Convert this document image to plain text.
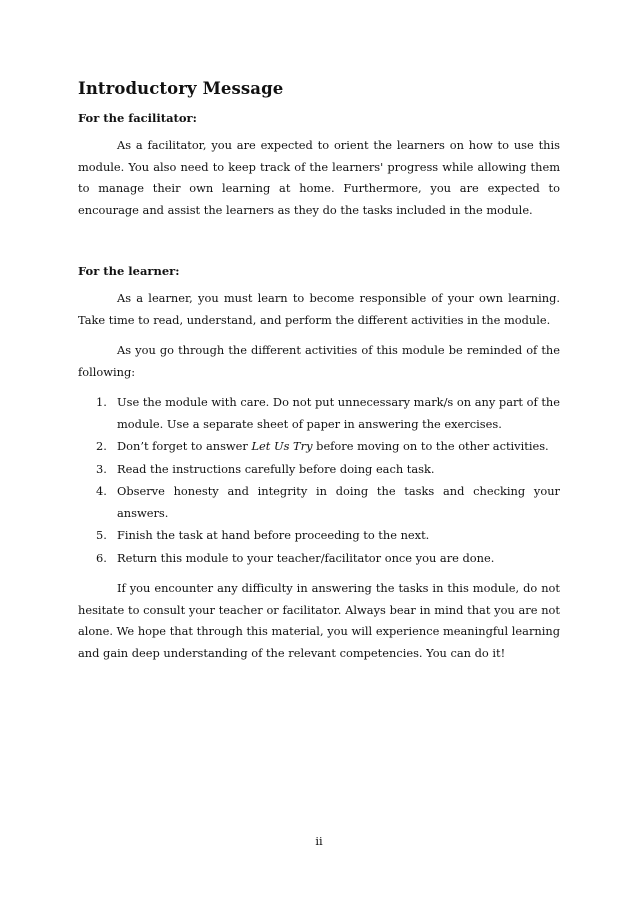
Introductory Message
For the facilitator:

As a facilitator, you are expected to orient the learners on how to use this module. You also need to keep track of the learners' progress while allowing them to manage their own learning at home. Furthermore, you are expected to encourage and assist the learners as they do the tasks included in the module.

For the learner:

As a learner, you must learn to become responsible of your own learning. Take time to read, understand, and perform the different activities in the module.

As you go through the different activities of this module be reminded of the following:

1. Use the module with care. Do not put unnecessary mark/s on any part of the module. Use a separate sheet of paper in answering the exercises.
2. Don’t forget to answer Let Us Try before moving on to the other activities.
3. Read the instructions carefully before doing each task.
4. Observe honesty and integrity in doing the tasks and checking your answers.
5. Finish the task at hand before proceeding to the next.
6. Return this module to your teacher/facilitator once you are done.

If you encounter any difficulty in answering the tasks in this module, do not hesitate to consult your teacher or facilitator. Always bear in mind that you are not alone. We hope that through this material, you will experience meaningful learning and gain deep understanding of the relevant competencies. You can do it!

ii
